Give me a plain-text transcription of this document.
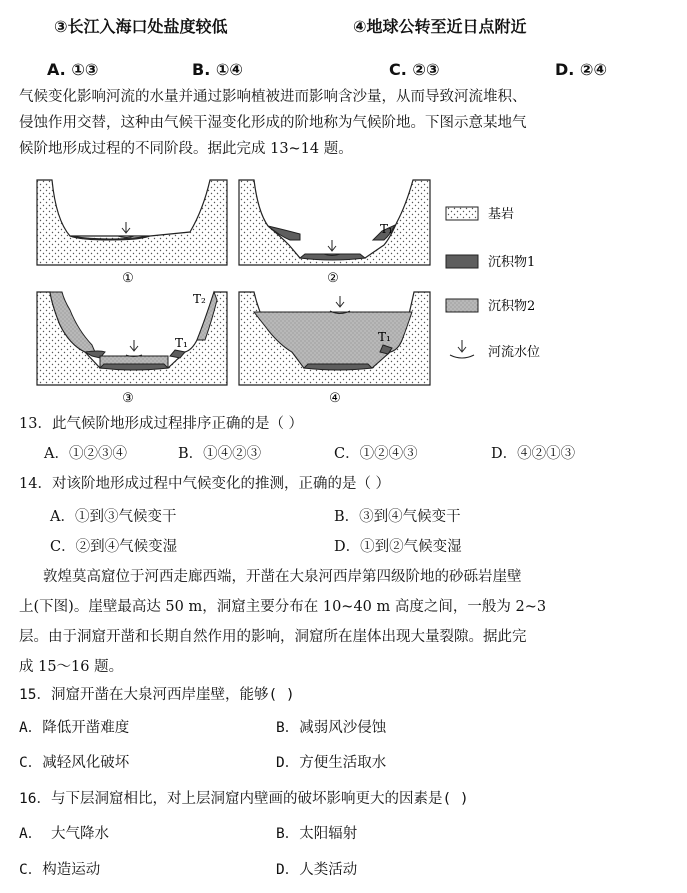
③长江入海口处盐度较低	④地球公转至近日点附近
A. ①③	B. ①④	C. ②③	D. ②④
气候变化影响河流的水量并通过影响植被进而影响含沙量，从而导致河流堆积、
侵蚀作用交替，这种由气候干湿变化形成的阶地称为气候阶地。下图示意某地气
候阶地形成过程的不同阶段。据此完成 13~14 题。
①
T₁
②
T₂
T₁
③
T₁
④
基岩
沉积物1
沉积物2
河流水位
13．此气候阶地形成过程排序正确的是（ ）
A．①②③④	B．①④②③	C．①②④③	D．④②①③
14．对该阶地形成过程中气候变化的推测，正确的是（ ）
A．①到③气候变干	B．③到④气候变干
C．②到④气候变湿	D．①到②气候变湿
敦煌莫高窟位于河西走廊西端，开凿在大泉河西岸第四级阶地的砂砾岩崖壁
上(下图)。崖壁最高达 50 m，洞窟主要分布在 10~40 m 高度之间，一般为 2~3
层。由于洞窟开凿和长期自然作用的影响，洞窟所在崖体出现大量裂隙。据此完
成 15～16 题。
15．洞窟开凿在大泉河西岸崖壁，能够( )
A．降低开凿难度	B．减弱风沙侵蚀
C．减轻风化破坏	D．方便生活取水
16．与下层洞窟相比，对上层洞窟内壁画的破坏影响更大的因素是( )
A． 大气降水	B．太阳辐射
C．构造运动	D．人类活动
